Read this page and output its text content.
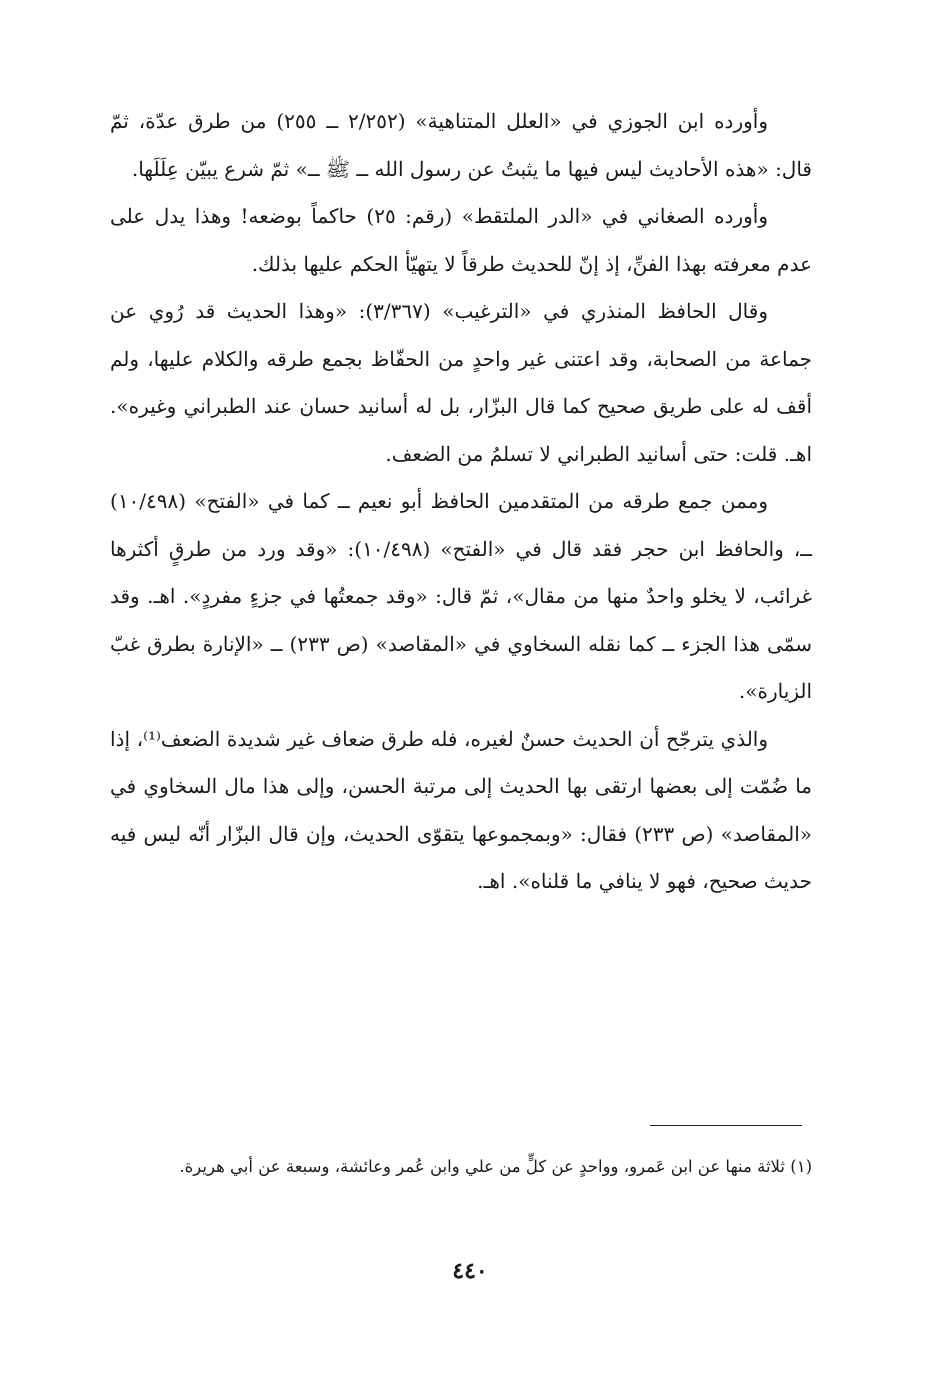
وأورده ابن الجوزي في «العلل المتناهية» (٢/٢٥٢ ــ ٢٥٥) من طرق عدّة، ثمّ قال: «هذه الأحاديث ليس فيها ما يثبتُ عن رسول الله ــ ﷺ ــ» ثمّ شرع يبيّن عِلَلَها.

وأورده الصغاني في «الدر الملتقط» (رقم: ٢٥) حاكماً بوضعه! وهذا يدل على عدم معرفته بهذا الفنِّ، إذ إنّ للحديث طرقاً لا يتهيّأ الحكم عليها بذلك.

وقال الحافظ المنذري في «الترغيب» (٣/٣٦٧): «وهذا الحديث قد رُوي عن جماعة من الصحابة، وقد اعتنى غير واحدٍ من الحفّاظ بجمع طرقه والكلام عليها، ولم أقف له على طريق صحيح كما قال البزّار، بل له أسانيد حسان عند الطبراني وغيره». اهـ. قلت: حتى أسانيد الطبراني لا تسلمُ من الضعف.

وممن جمع طرقه من المتقدمين الحافظ أبو نعيم ــ كما في «الفتح» (١٠/٤٩٨) ــ، والحافظ ابن حجر فقد قال في «الفتح» (١٠/٤٩٨): «وقد ورد من طرقٍ أكثرها غرائب، لا يخلو واحدٌ منها من مقال»، ثمّ قال: «وقد جمعتُها في جزءٍ مفردٍ». اهـ. وقد سمّى هذا الجزء ــ كما نقله السخاوي في «المقاصد» (ص ٢٣٣) ــ «الإنارة بطرق غبّ الزيارة».

والذي يترجّح أن الحديث حسنٌ لغيره، فله طرق ضعاف غير شديدة الضعف⁽¹⁾، إذا ما ضُمّت إلى بعضها ارتقى بها الحديث إلى مرتبة الحسن، وإلى هذا مال السخاوي في «المقاصد» (ص ٢٣٣) فقال: «وبمجموعها يتقوّى الحديث، وإن قال البزّار أنّه ليس فيه حديث صحيح، فهو لا ينافي ما قلناه». اهـ.

(١) ثلاثة منها عن ابن عَمرو، وواحدٍ عن كلٍّ من علي وابن عُمر وعائشة، وسبعة عن أبي هريرة.
٤٤٠
